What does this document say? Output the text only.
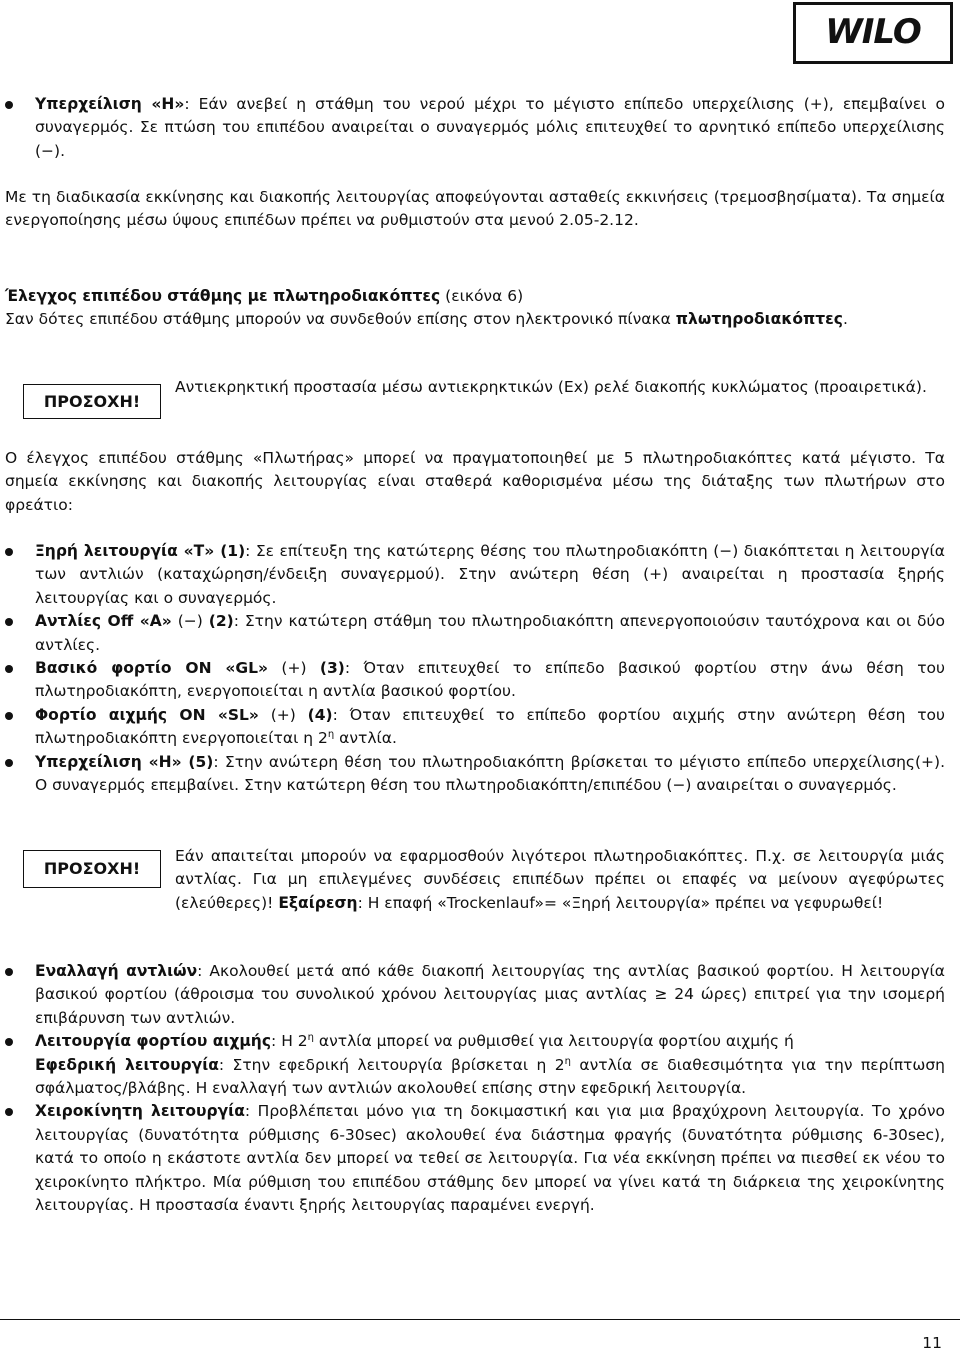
WILO
Υπερχείλιση «Η»: Εάν ανεβεί η στάθμη του νερού μέχρι το μέγιστο επίπεδο υπερχείλισης (+), επεμβαίνει ο συναγερμός. Σε πτώση του επιπέδου αναιρείται ο συναγερμός μόλις επιτευχθεί το αρνητικό επίπεδο υπερχείλισης (−).

Με τη διαδικασία εκκίνησης και διακοπής λειτουργίας αποφεύγονται ασταθείς εκκινήσεις (τρεμοσβησίματα). Τα σημεία ενεργοποίησης μέσω ύψους επιπέδων πρέπει να ρυθμιστούν στα μενού 2.05-2.12.

Έλεγχος επιπέδου στάθμης με πλωτηροδιακόπτες (εικόνα 6)

Σαν δότες επιπέδου στάθμης μπορούν να συνδεθούν επίσης στον ηλεκτρονικό πίνακα πλωτηροδιακόπτες.

ΠΡΟΣΟΧΗ!
Αντιεκρηκτική προστασία μέσω αντιεκρηκτικών (Ex) ρελέ διακοπής κυκλώματος (προαιρετικά).

Ο έλεγχος επιπέδου στάθμης «Πλωτήρας» μπορεί να πραγματοποιηθεί με 5 πλωτηροδιακόπτες κατά μέγιστο. Τα σημεία εκκίνησης και διακοπής λειτουργίας είναι σταθερά καθορισμένα μέσω της διάταξης των πλωτήρων στο φρεάτιο:

Ξηρή λειτουργία «Τ» (1): Σε επίτευξη της κατώτερης θέσης του πλωτηροδιακόπτη (−) διακόπτεται η λειτουργία των αντλιών (καταχώρηση/ένδειξη συναγερμού). Στην ανώτερη θέση (+) αναιρείται η προστασία ξηρής λειτουργίας και ο συναγερμός.
Αντλίες Off «Α» (−) (2): Στην κατώτερη στάθμη του πλωτηροδιακόπτη απενεργοποιούσιν ταυτόχρονα και οι δύο αντλίες.
Βασικό φορτίο ON «GL» (+) (3): Όταν επιτευχθεί το επίπεδο βασικού φορτίου στην άνω θέση του πλωτηροδιακόπτη, ενεργοποιείται η αντλία βασικού φορτίου.
Φορτίο αιχμής ON «SL» (+) (4): Όταν επιτευχθεί το επίπεδο φορτίου αιχμής στην ανώτερη θέση του πλωτηροδιακόπτη ενεργοποιείται η $2^\eta$ αντλία.
Υπερχείλιση «Η» (5): Στην ανώτερη θέση του πλωτηροδιακόπτη βρίσκεται το μέγιστο επίπεδο υπερχείλισης(+). Ο συναγερμός επεμβαίνει. Στην κατώτερη θέση του πλωτηροδιακόπτη/επιπέδου (−) αναιρείται ο συναγερμός.
ΠΡΟΣΟΧΗ!
Εάν απαιτείται μπορούν να εφαρμοσθούν λιγότεροι πλωτηροδιακόπτες. Π.χ. σε λειτουργία μιάς αντλίας. Για μη επιλεγμένες συνδέσεις επιπέδων πρέπει οι επαφές να μείνουν αγεφύρωτες (ελεύθερες)! Εξαίρεση: Η επαφή «Trockenlauf»= «Ξηρή λειτουργία» πρέπει να γεφυρωθεί!
Εναλλαγή αντλιών: Ακολουθεί μετά από κάθε διακοπή λειτουργίας της αντλίας βασικού φορτίου. Η λειτουργία βασικού φορτίου (άθροισμα του συνολικού χρόνου λειτουργίας μιας αντλίας ≥ 24 ώρες) επιτρεί για την ισομερή επιβάρυνση των αντλιών.
Λειτουργία φορτίου αιχμής: Η $2^\eta$ αντλία μπορεί να ρυθμισθεί για λειτουργία φορτίου αιχμής ή
Εφεδρική λειτουργία: Στην εφεδρική λειτουργία βρίσκεται η $2^\eta$ αντλία σε διαθεσιμότητα για την περίπτωση σφάλματος/βλάβης. Η εναλλαγή των αντλιών ακολουθεί επίσης στην εφεδρική λειτουργία.
Χειροκίνητη λειτουργία: Προβλέπεται μόνο για τη δοκιμαστική και για μια βραχύχρονη λειτουργία. Το χρόνο λειτουργίας (δυνατότητα ρύθμισης 6-30sec) ακολουθεί ένα διάστημα φραγής (δυνατότητα ρύθμισης 6-30sec), κατά το οποίο η εκάστοτε αντλία δεν μπορεί να τεθεί σε λειτουργία. Για νέα εκκίνηση πρέπει να πιεσθεί εκ νέου το χειροκίνητο πλήκτρο. Μία ρύθμιση του επιπέδου στάθμης δεν μπορεί να γίνει κατά τη διάρκεια της χειροκίνητης λειτουργίας. Η προστασία έναντι ξηρής λειτουργίας παραμένει ενεργή.
11
